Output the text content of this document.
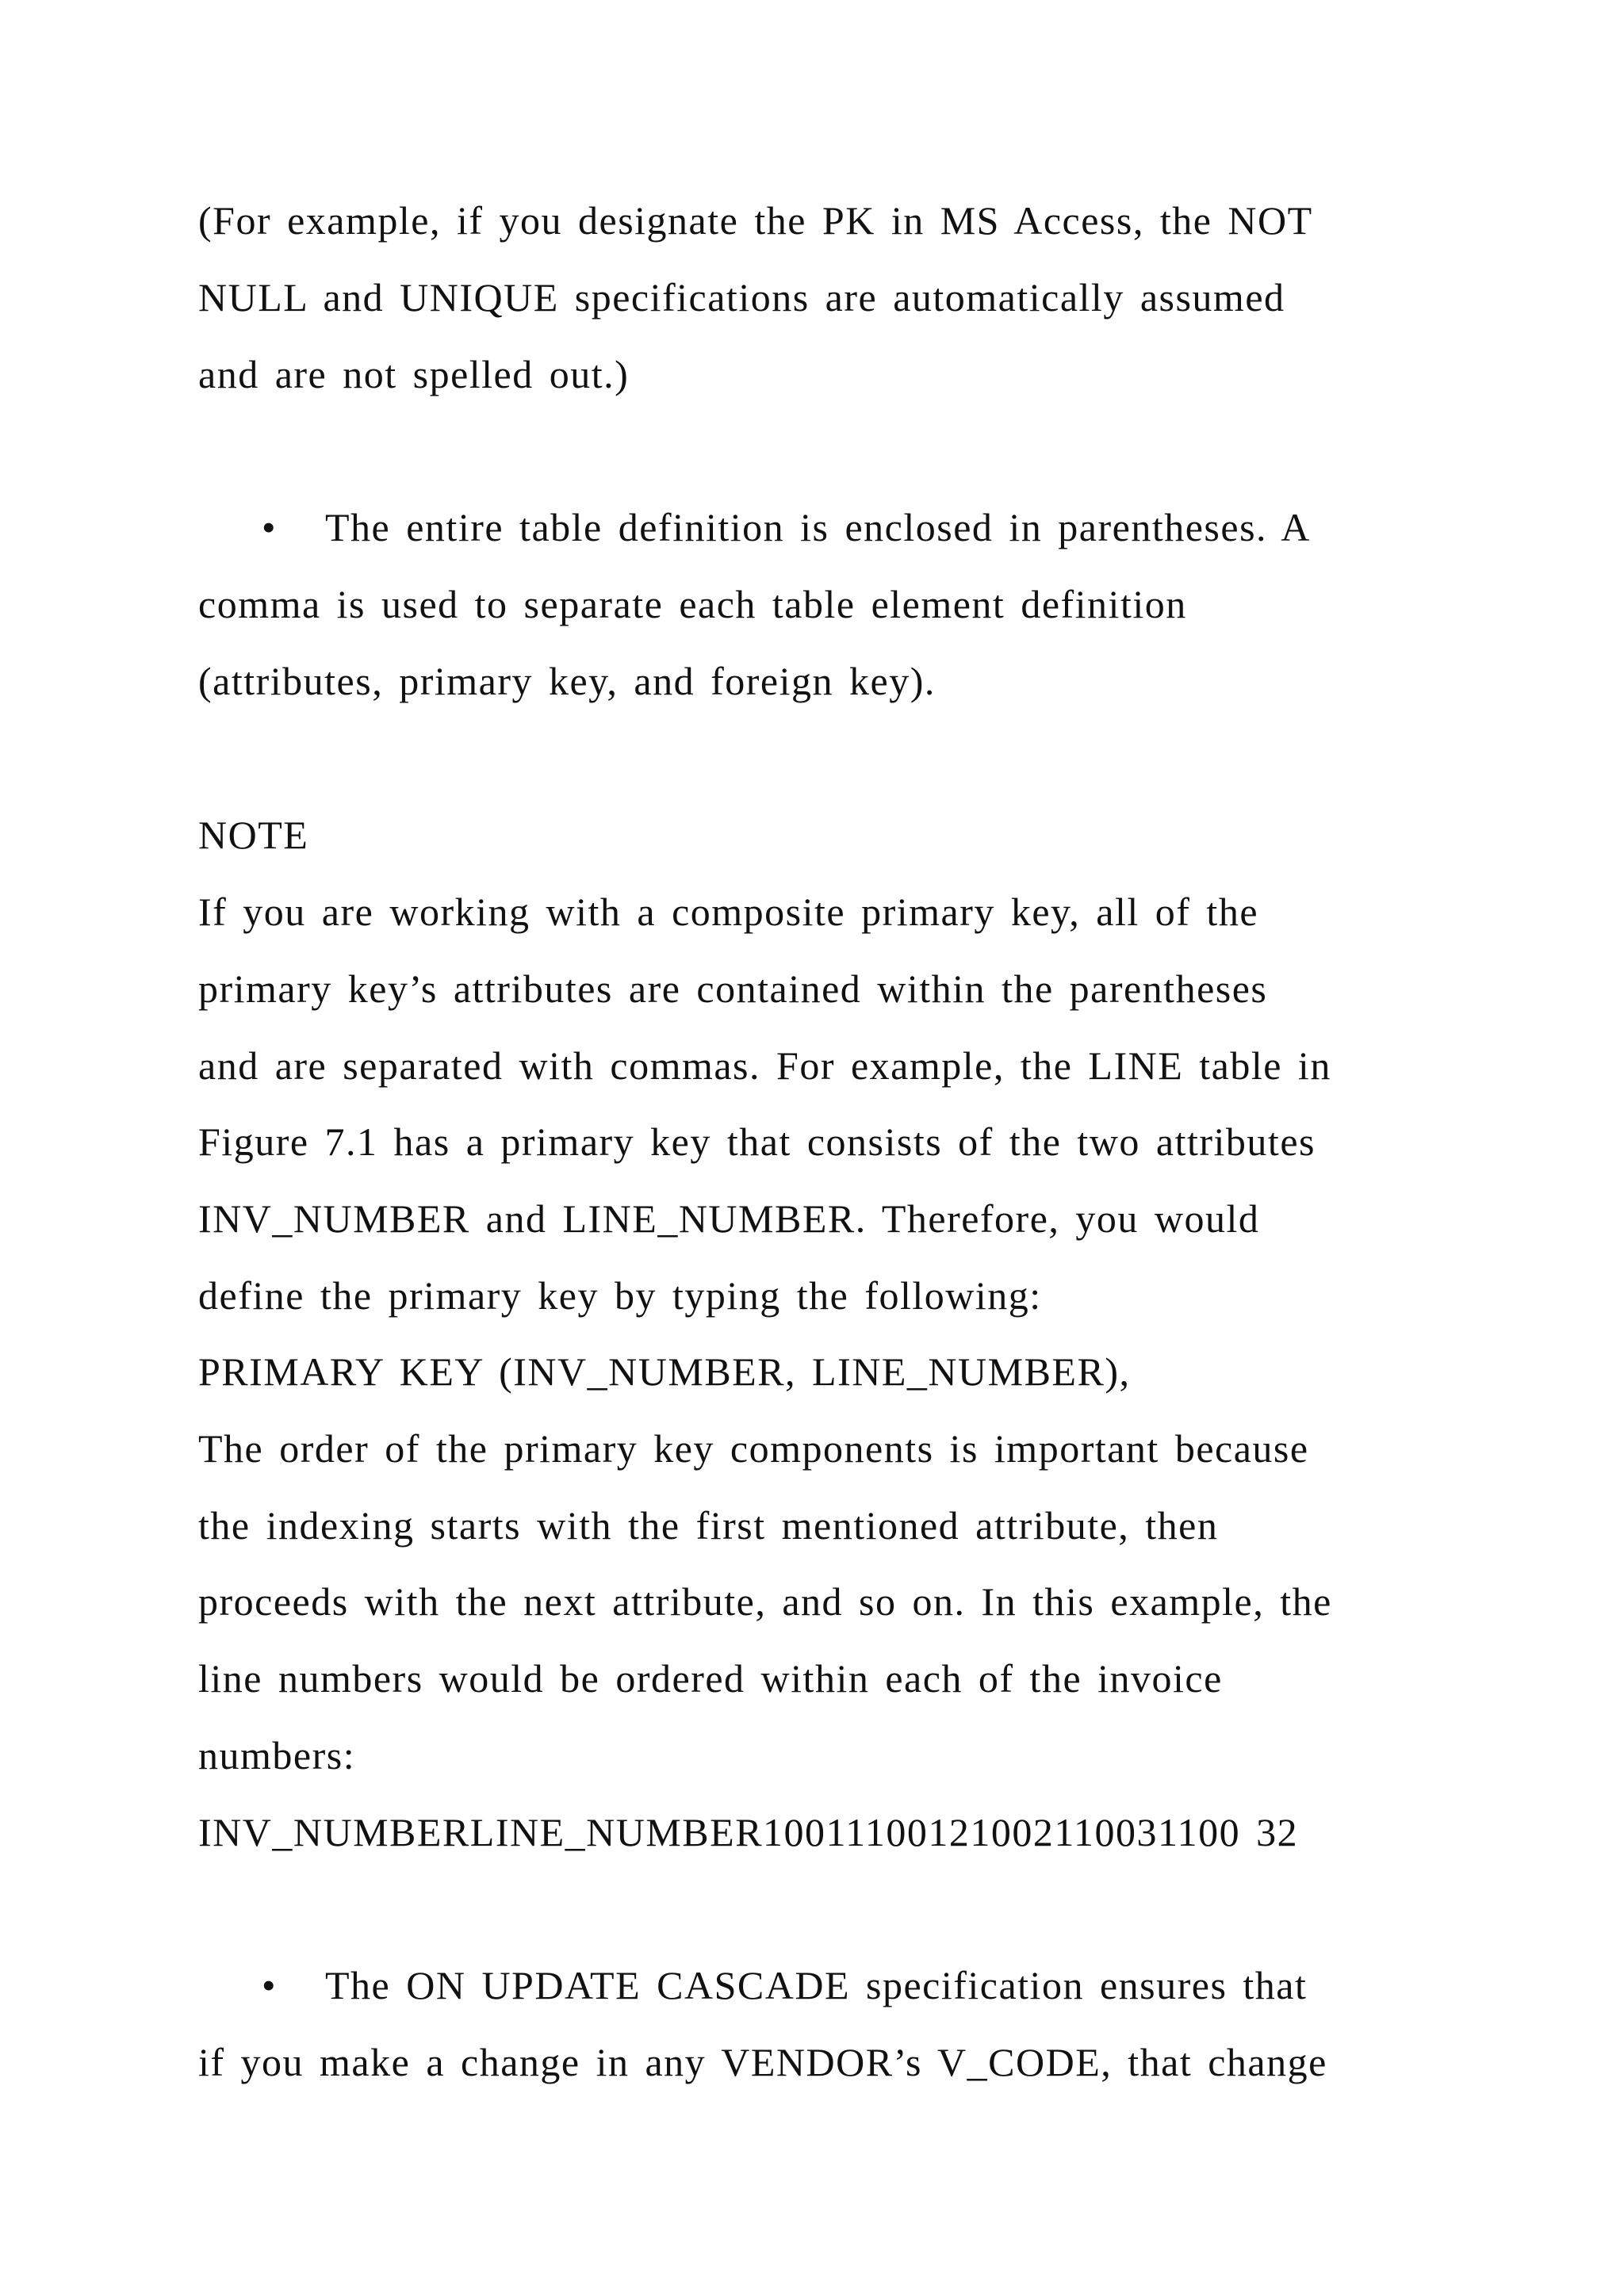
(For example, if you designate the PK in MS Access, the NOT
NULL and UNIQUE specifications are automatically assumed
and are not spelled out.)
• The entire table definition is enclosed in parentheses. A
comma is used to separate each table element definition
(attributes, primary key, and foreign key).
NOTE
If you are working with a composite primary key, all of the
primary key’s attributes are contained within the parentheses
and are separated with commas. For example, the LINE table in
Figure 7.1 has a primary key that consists of the two attributes
INV_NUMBER and LINE_NUMBER. Therefore, you would
define the primary key by typing the following:
PRIMARY KEY (INV_NUMBER, LINE_NUMBER),
The order of the primary key components is important because
the indexing starts with the first mentioned attribute, then
proceeds with the next attribute, and so on. In this example, the
line numbers would be ordered within each of the invoice
numbers:
INV_NUMBERLINE_NUMBER10011100121002110031100 32
• The ON UPDATE CASCADE specification ensures that
if you make a change in any VENDOR’s V_CODE, that change
